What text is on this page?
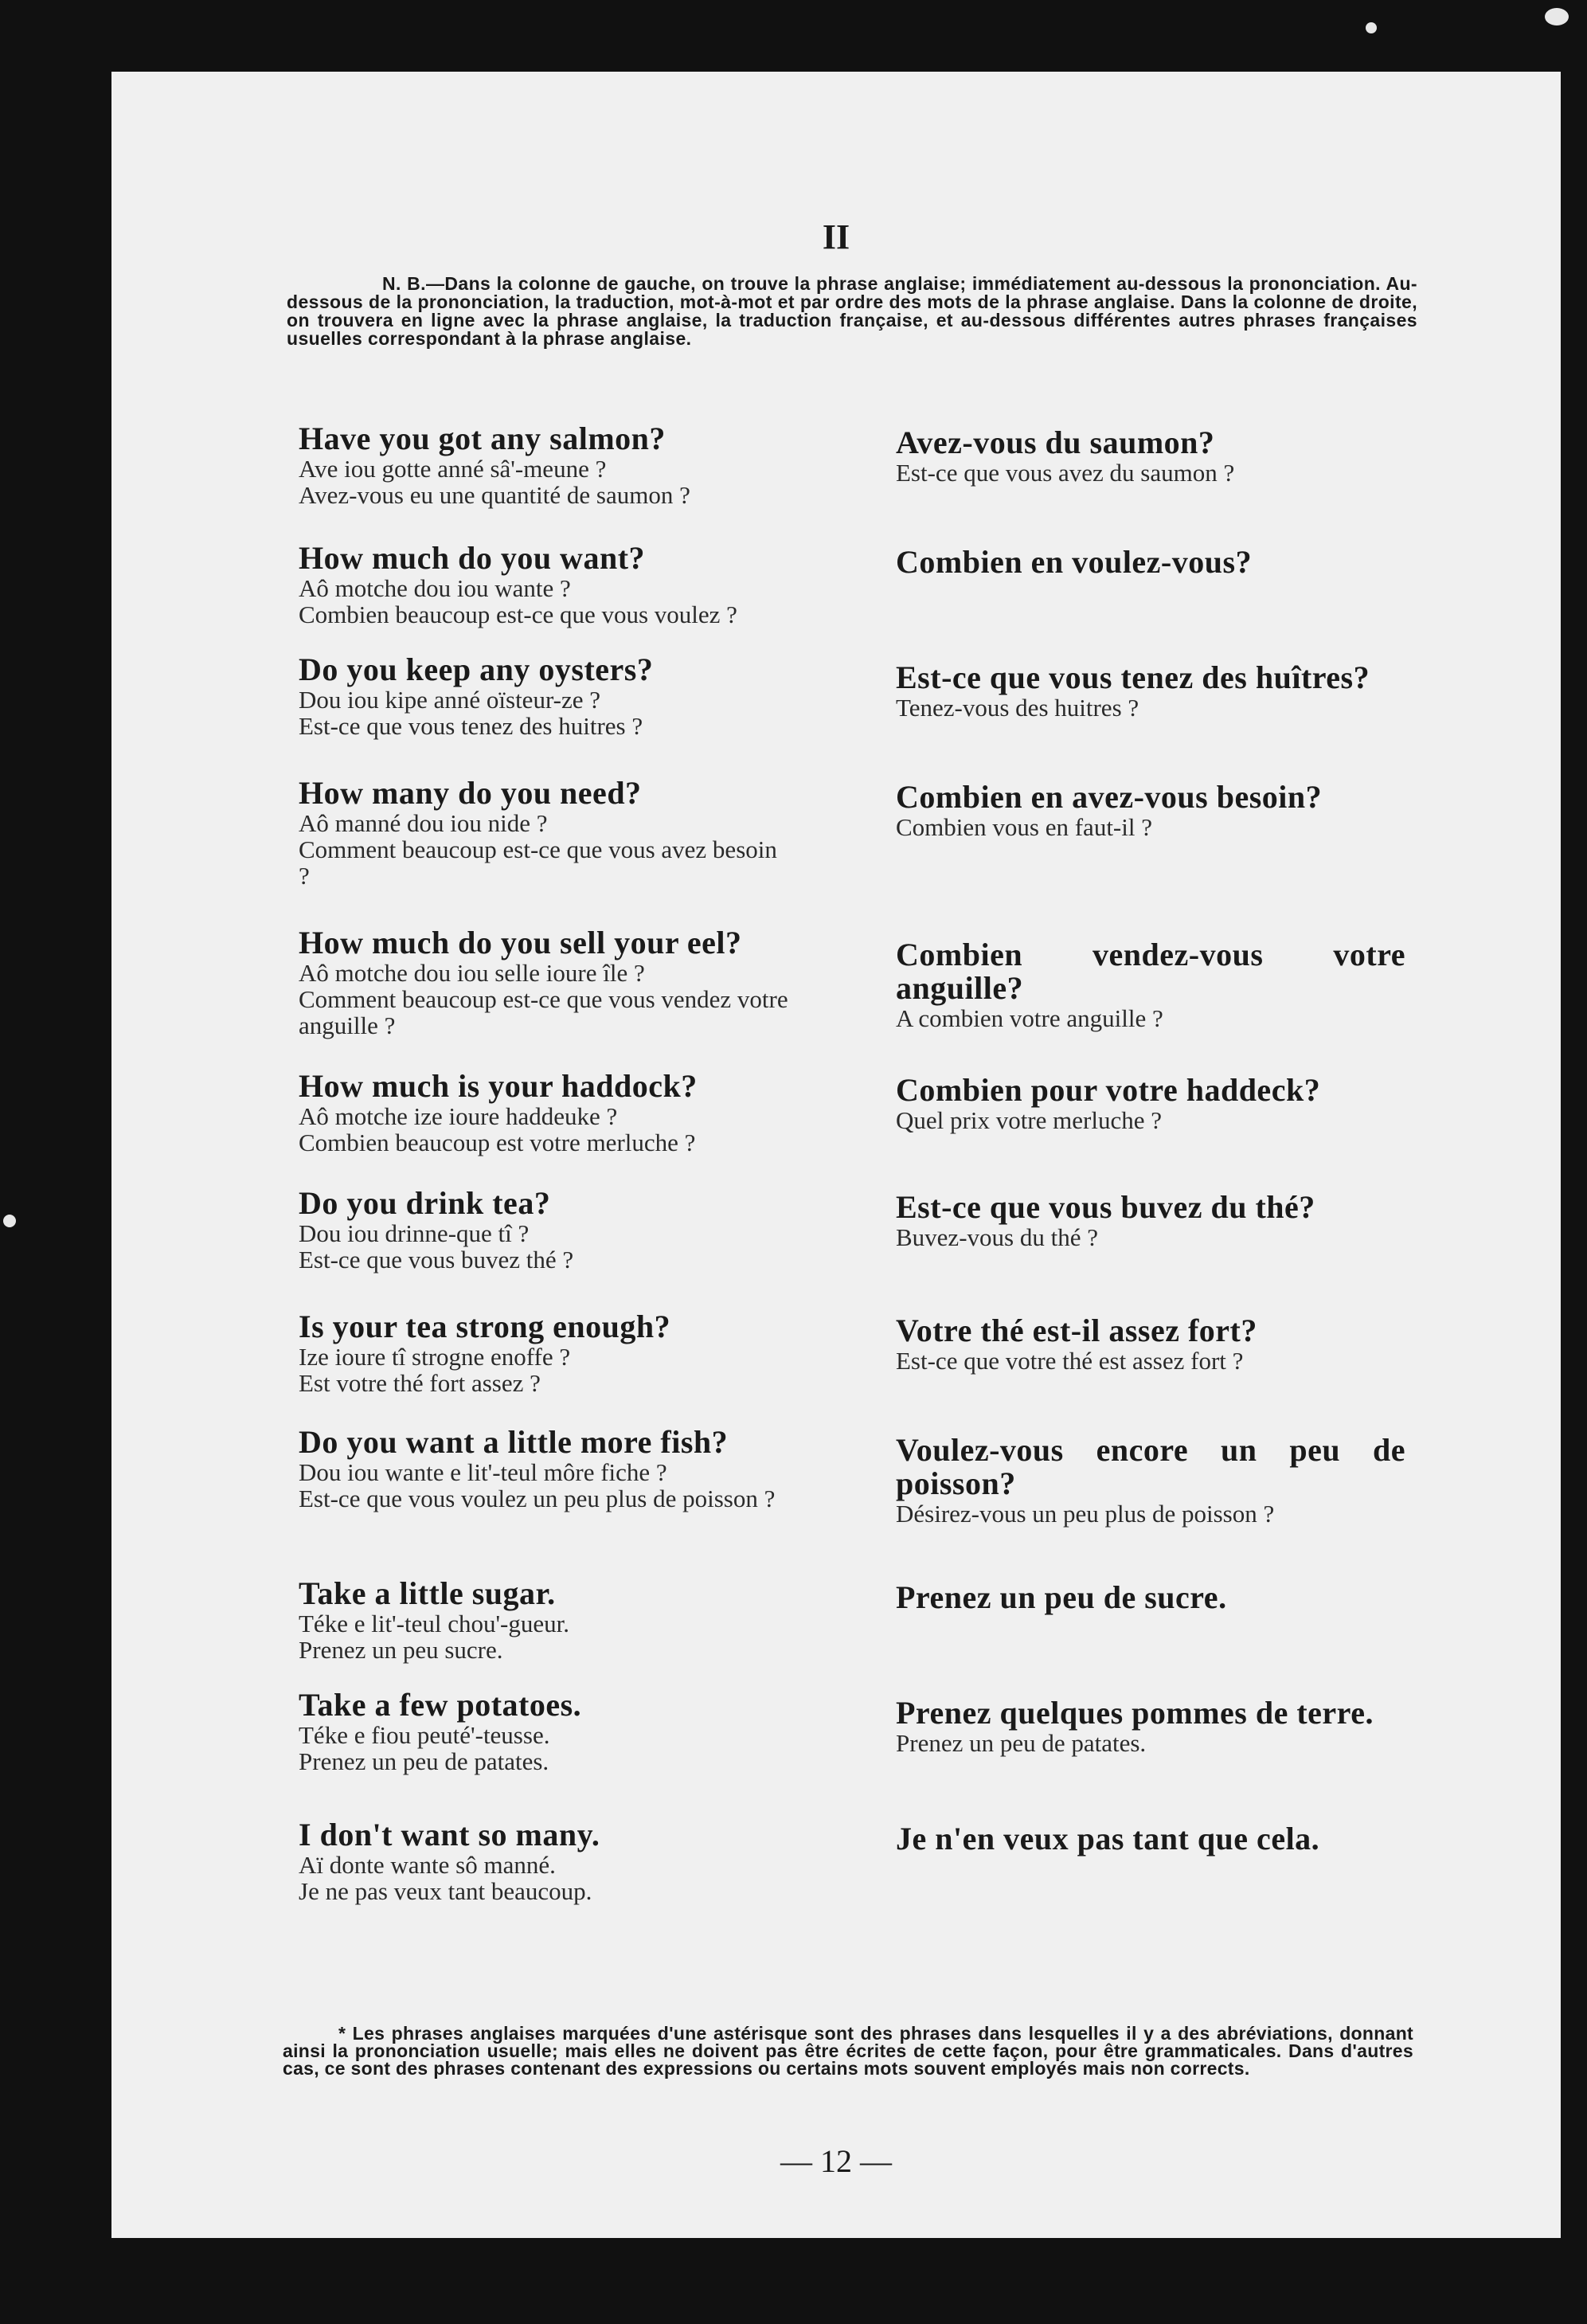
II
N. B.—Dans la colonne de gauche, on trouve la phrase anglaise; immédiatement au-dessous la prononciation. Au-dessous de la prononciation, la traduction, mot-à-mot et par ordre des mots de la phrase anglaise. Dans la colonne de droite, on trouvera en ligne avec la phrase anglaise, la traduction française, et au-dessous différentes autres phrases françaises usuelles correspondant à la phrase anglaise.
Have you got any salmon?
Ave iou gotte anné sâ'-meune ?
Avez-vous eu une quantité de saumon ?
How much do you want?
Aô motche dou iou wante ?
Combien beaucoup est-ce que vous voulez ?
Do you keep any oysters?
Dou iou kipe anné oïsteur-ze ?
Est-ce que vous tenez des huitres ?
How many do you need?
Aô manné dou iou nide ?
Comment beaucoup est-ce que vous avez besoin ?
How much do you sell your eel?
Aô motche dou iou selle ioure île ?
Comment beaucoup est-ce que vous vendez votre anguille ?
How much is your haddock?
Aô motche ize ioure haddeuke ?
Combien beaucoup est votre merluche ?
Do you drink tea?
Dou iou drinne-que tî ?
Est-ce que vous buvez thé ?
Is your tea strong enough?
Ize ioure tî strogne enoffe ?
Est votre thé fort assez ?
Do you want a little more fish?
Dou iou wante e lit'-teul môre fiche ?
Est-ce que vous voulez un peu plus de poisson ?
Take a little sugar.
Téke e lit'-teul chou'-gueur.
Prenez un peu sucre.
Take a few potatoes.
Téke e fiou peuté'-teusse.
Prenez un peu de patates.
I don't want so many.
Aï donte wante sô manné.
Je ne pas veux tant beaucoup.
Avez-vous du saumon?
Est-ce que vous avez du saumon ?
Combien en voulez-vous?
Est-ce que vous tenez des huîtres?
Tenez-vous des huitres ?
Combien en avez-vous besoin?
Combien vous en faut-il ?
Combien vendez-vous votre anguille?
A combien votre anguille ?
Combien pour votre haddeck?
Quel prix votre merluche ?
Est-ce que vous buvez du thé?
Buvez-vous du thé ?
Votre thé est-il assez fort?
Est-ce que votre thé est assez fort ?
Voulez-vous encore un peu de poisson?
Désirez-vous un peu plus de poisson ?
Prenez un peu de sucre.
Prenez quelques pommes de terre.
Prenez un peu de patates.
Je n'en veux pas tant que cela.
* Les phrases anglaises marquées d'une astérisque sont des phrases dans lesquelles il y a des abréviations, donnant ainsi la prononciation usuelle; mais elles ne doivent pas être écrites de cette façon, pour être grammaticales. Dans d'autres cas, ce sont des phrases contenant des expressions ou certains mots souvent employés mais non corrects.
— 12 —
